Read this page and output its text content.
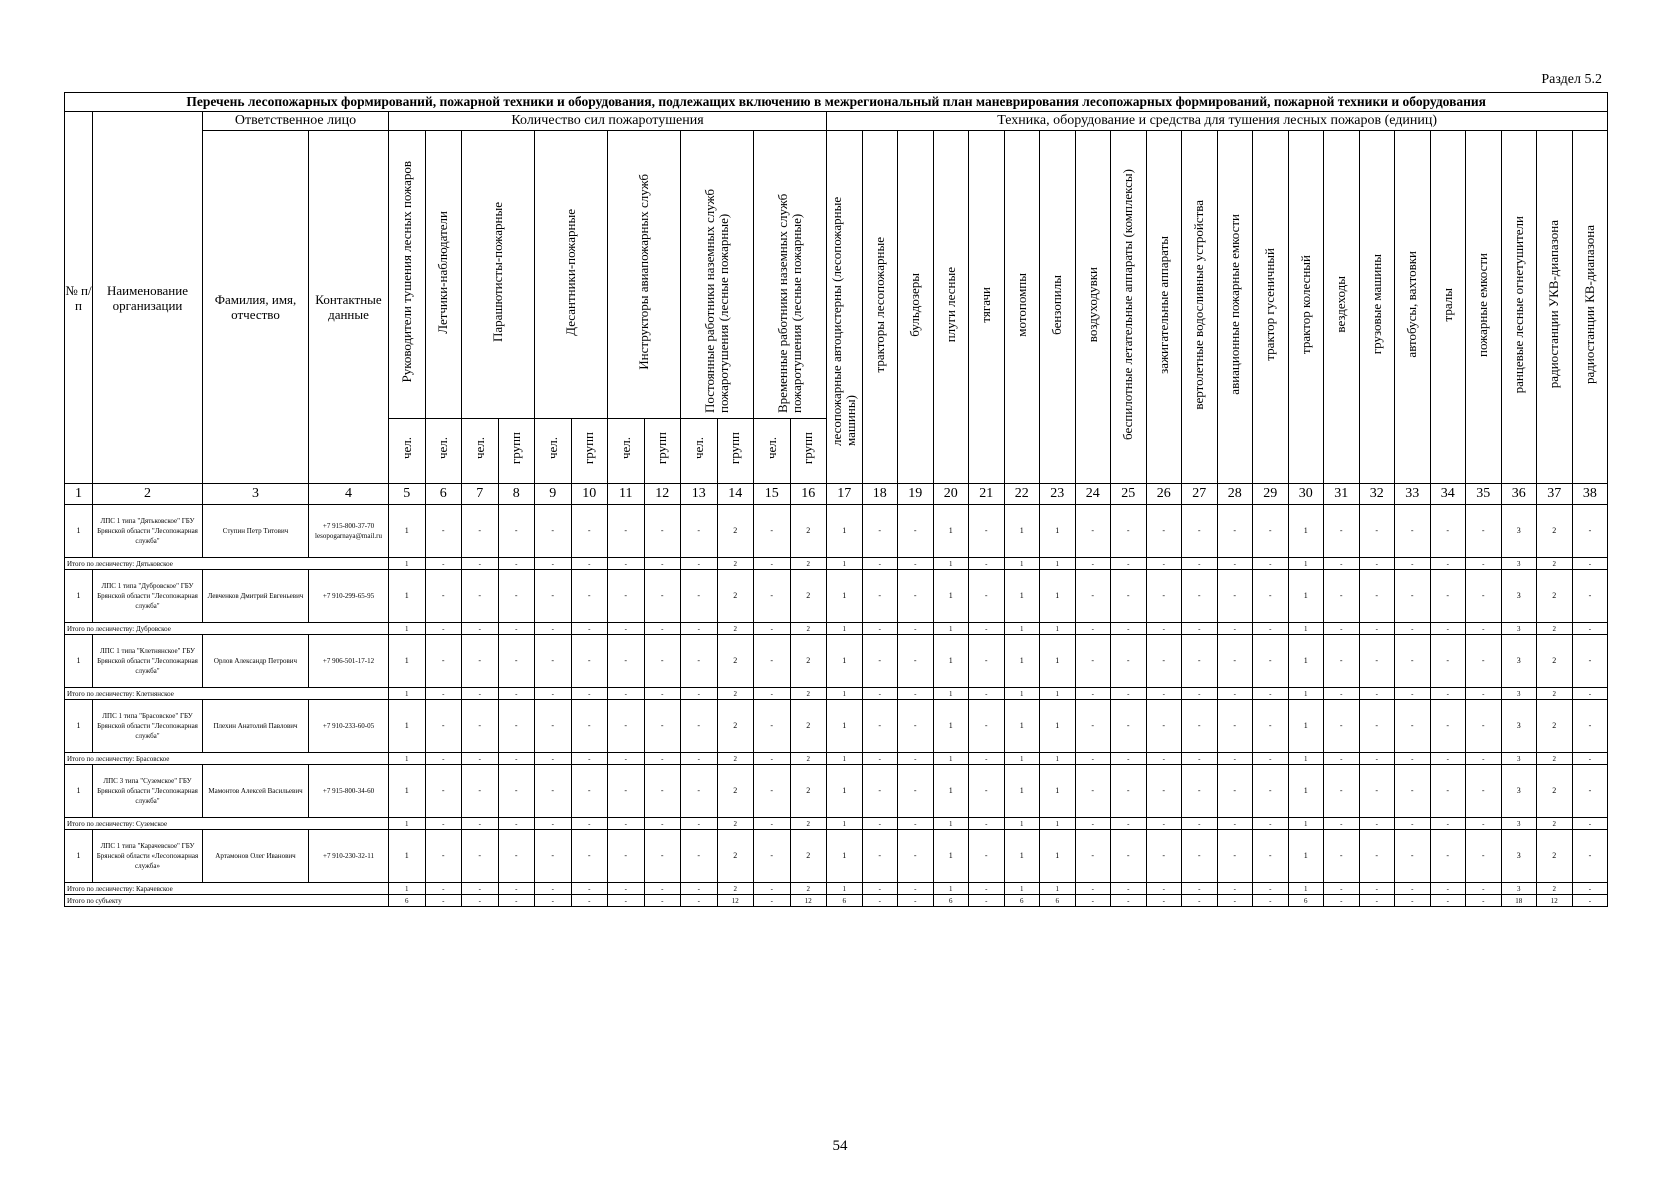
Раздел 5.2
Перечень лесопожарных формирований, пожарной техники и оборудования, подлежащих включению в межрегиональный план маневрирования лесопожарных формирований, пожарной техники и оборудования																																					
№ п/п	Наименование организации	Ответственное лицо		Количество сил пожаротушения												Техника, оборудование и средства для тушения лесных пожаров (единиц)																					
		Фамилия, имя, отчество	Контактные данные	Руководители тушения лесных пожаров	Летчики-наблюдатели	Парашютисты-пожарные		Десантники-пожарные		Инструкторы авиапожарных служб		Постоянные работники наземных служб пожаротушения (лесные пожарные)		Временные работники наземных служб пожаротушения (лесные пожарные)		лесопожарные автоцистерны (лесопожарные машины)	тракторы лесопожарные	бульдозеры	плуги лесные	тягачи	мотопомпы	бензопилы	воздуходувки	беспилотные летательные аппараты (комплексы)	зажигательные аппараты	вертолетные водосливные устройства	авиационные пожарные емкости	трактор гусеничный	трактор колесный	вездеходы	грузовые машины	автобусы, вахтовки	тралы	пожарные емкости	ранцевые лесные огнетушители	радиостанции УКВ-диапазона	радиостанции КВ-диапазона
				чел.	чел.	чел.	групп	чел.	групп	чел.	групп	чел.	групп	чел.	групп																						
1	2	3	4	5	6	7	8	9	10	11	12	13	14	15	16	17	18	19	20	21	22	23	24	25	26	27	28	29	30	31	32	33	34	35	36	37	38
1	ЛПС 1 типа "Дятьковское" ГБУ Брянской области "Лесопожарная служба"	Ступин Петр Титович	+7 915-800-37-70 lesopogarnaya@mail.ru	1	-	-	-	-	-	-	-	-	2	-	2	1	-	-	1	-	1	1	-	-	-	-	-	-	1	-	-	-	-	-	3	2	-
Итого по лесничеству: Дятьковское				1	-	-	-	-	-	-	-	-	2	-	2	1	-	-	1	-	1	1	-	-	-	-	-	-	1	-	-	-	-	-	3	2	-
1	ЛПС 1 типа "Дубровское" ГБУ Брянской области "Лесопожарная служба"	Левченков Дмитрий Евгеньевич	+7 910-299-65-95	1	-	-	-	-	-	-	-	-	2	-	2	1	-	-	1	-	1	1	-	-	-	-	-	-	1	-	-	-	-	-	3	2	-
Итого по лесничеству: Дубровское				1	-	-	-	-	-	-	-	-	2	-	2	1	-	-	1	-	1	1	-	-	-	-	-	-	1	-	-	-	-	-	3	2	-
1	ЛПС 1 типа "Клетнянское" ГБУ Брянской области "Лесопожарная служба"	Орлов Александр Петрович	+7 906-501-17-12	1	-	-	-	-	-	-	-	-	2	-	2	1	-	-	1	-	1	1	-	-	-	-	-	-	1	-	-	-	-	-	3	2	-
Итого по лесничеству: Клетнянское				1	-	-	-	-	-	-	-	-	2	-	2	1	-	-	1	-	1	1	-	-	-	-	-	-	1	-	-	-	-	-	3	2	-
1	ЛПС 1 типа "Брасовское" ГБУ Брянской области "Лесопожарная служба"	Плехин Анатолий Павлович	+7 910-233-60-05	1	-	-	-	-	-	-	-	-	2	-	2	1	-	-	1	-	1	1	-	-	-	-	-	-	1	-	-	-	-	-	3	2	-
Итого по лесничеству: Брасовское				1	-	-	-	-	-	-	-	-	2	-	2	1	-	-	1	-	1	1	-	-	-	-	-	-	1	-	-	-	-	-	3	2	-
1	ЛПС 3 типа "Суземское" ГБУ Брянской области "Лесопожарная служба"	Мамонтов Алексей Васильевич	+7 915-800-34-60	1	-	-	-	-	-	-	-	-	2	-	2	1	-	-	1	-	1	1	-	-	-	-	-	-	1	-	-	-	-	-	3	2	-
Итого по лесничеству: Суземское				1	-	-	-	-	-	-	-	-	2	-	2	1	-	-	1	-	1	1	-	-	-	-	-	-	1	-	-	-	-	-	3	2	-
1	ЛПС 1 типа "Карачевское" ГБУ Брянской области «Лесопожарная служба»	Артамонов Олег Иванович	+7 910-230-32-11	1	-	-	-	-	-	-	-	-	2	-	2	1	-	-	1	-	1	1	-	-	-	-	-	-	1	-	-	-	-	-	3	2	-
Итого по лесничеству: Карачевское				1	-	-	-	-	-	-	-	-	2	-	2	1	-	-	1	-	1	1	-	-	-	-	-	-	1	-	-	-	-	-	3	2	-
Итого по субъекту				6	-	-	-	-	-	-	-	-	12	-	12	6	-	-	6	-	6	6	-	-	-	-	-	-	6	-	-	-	-	-	18	12	-
54
